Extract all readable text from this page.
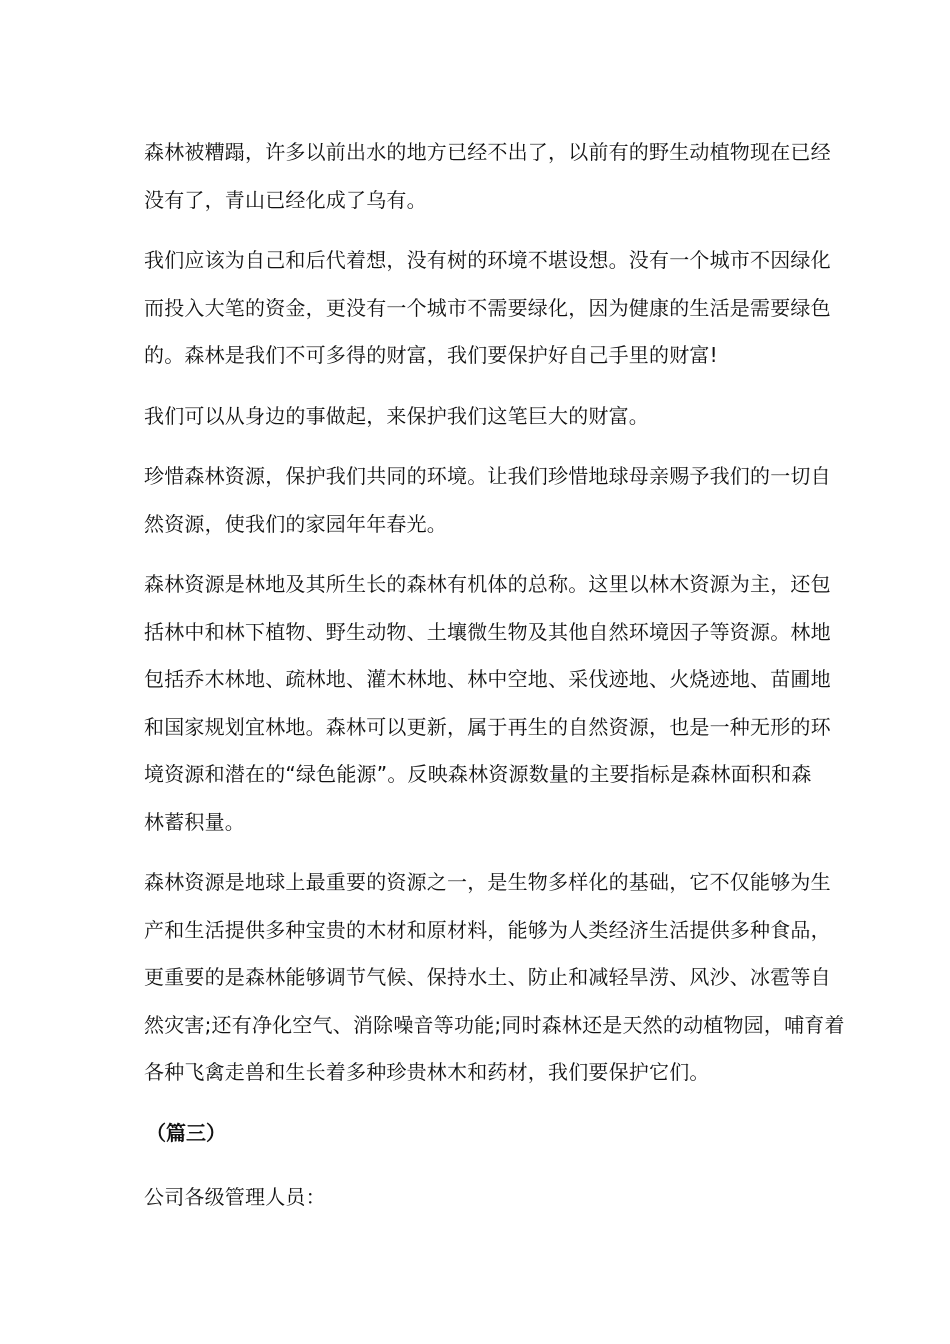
森林被糟蹋，许多以前出水的地方已经不出了，以前有的野生动植物现在已经
没有了，青山已经化成了乌有。

我们应该为自己和后代着想，没有树的环境不堪设想。没有一个城市不因绿化
而投入大笔的资金，更没有一个城市不需要绿化，因为健康的生活是需要绿色
的。森林是我们不可多得的财富，我们要保护好自己手里的财富!

我们可以从身边的事做起，来保护我们这笔巨大的财富。

珍惜森林资源，保护我们共同的环境。让我们珍惜地球母亲赐予我们的一切自
然资源，使我们的家园年年春光。

森林资源是林地及其所生长的森林有机体的总称。这里以林木资源为主，还包
括林中和林下植物、野生动物、土壤微生物及其他自然环境因子等资源。林地
包括乔木林地、疏林地、灌木林地、林中空地、采伐迹地、火烧迹地、苗圃地
和国家规划宜林地。森林可以更新，属于再生的自然资源，也是一种无形的环
境资源和潜在的“绿色能源”。反映森林资源数量的主要指标是森林面积和森
林蓄积量。

森林资源是地球上最重要的资源之一，是生物多样化的基础，它不仅能够为生
产和生活提供多种宝贵的木材和原材料，能够为人类经济生活提供多种食品，
更重要的是森林能够调节气候、保持水土、防止和减轻旱涝、风沙、冰雹等自
然灾害;还有净化空气、消除噪音等功能;同时森林还是天然的动植物园，哺育着
各种飞禽走兽和生长着多种珍贵林木和药材，我们要保护它们。

（篇三）

公司各级管理人员：
